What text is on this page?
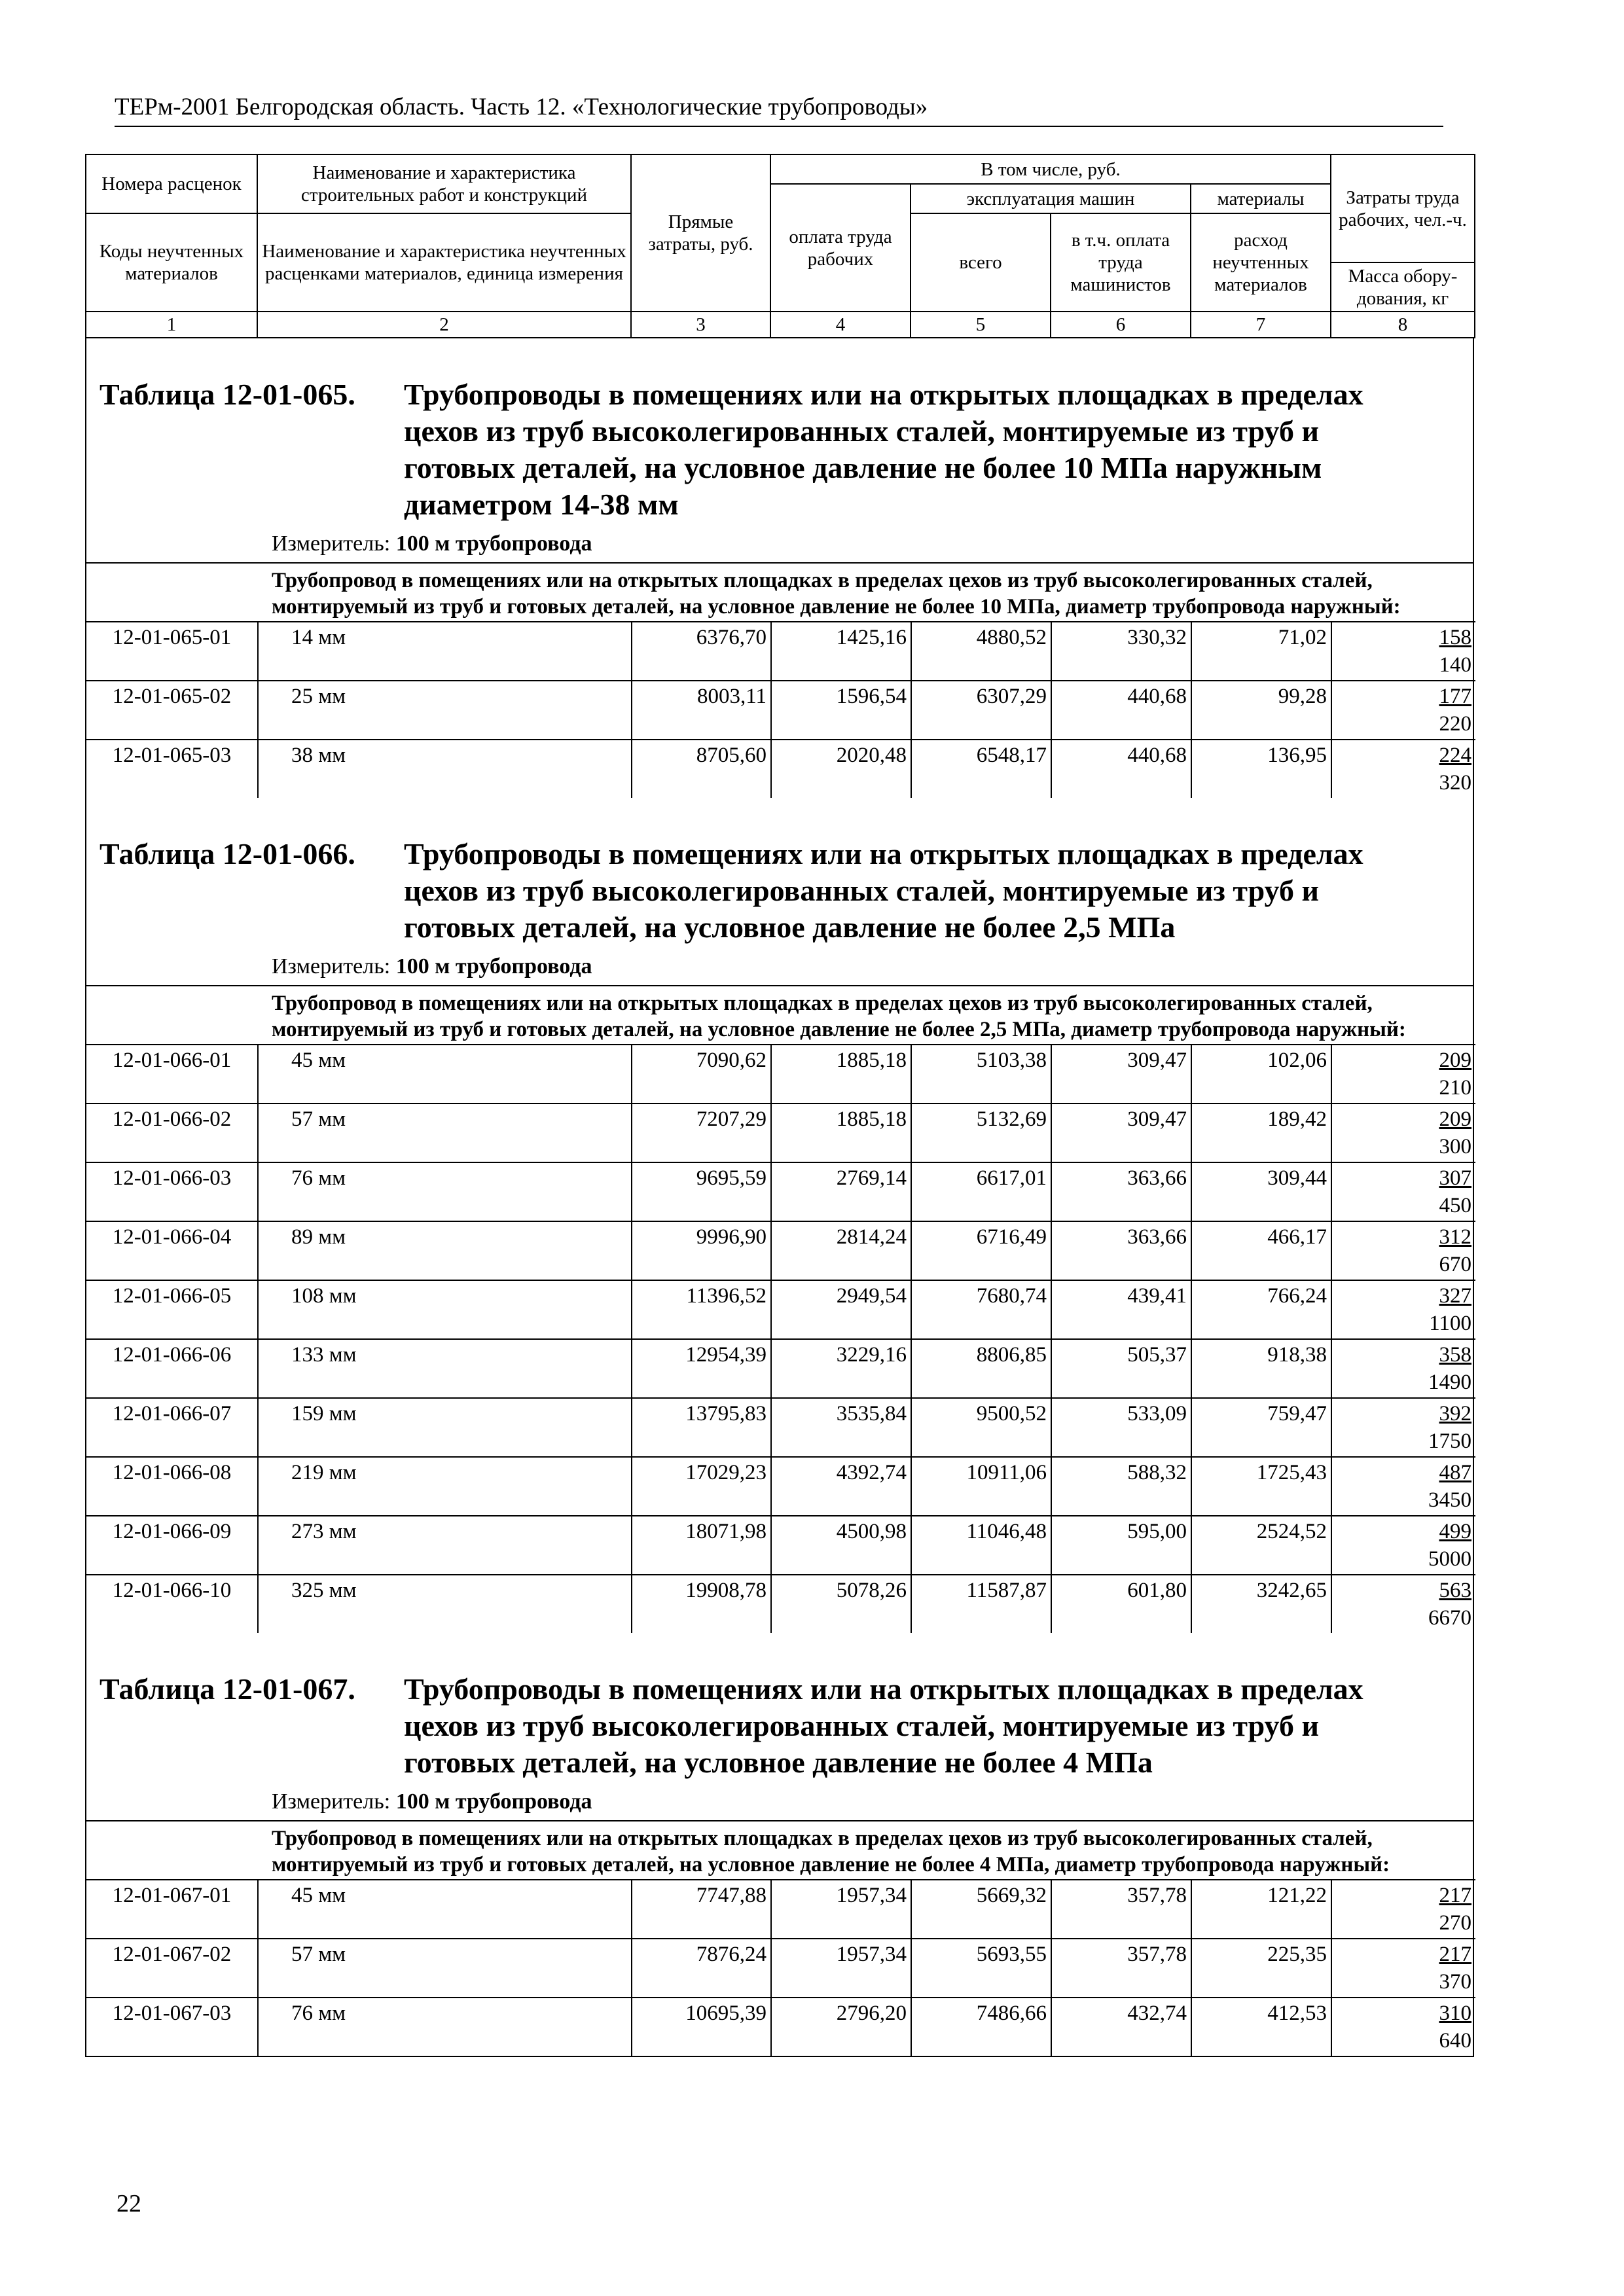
ТЕРм-2001 Белгородская область. Часть 12. «Технологические трубопроводы»
Номера расценок	Наименование и характеристика строительных работ и конструкций	Прямые затраты, руб.	В том числе, руб.				Затраты труда рабочих, чел.-ч.
			оплата труда рабочих	эксплуатация машин		материалы	
Коды неучтенных материалов	Наименование и характеристика неучтенных расценками материалов, единица измерения			всего	в т.ч. оплата труда машинистов	расход неучтенных материалов	
							Масса обору-дования, кг
1	2	3	4	5	6	7	8
Таблица 12-01-065.	Трубопроводы в помещениях или на открытых площадках в пределах
цехов из труб высоколегированных сталей, монтируемые из труб и
готовых деталей, на условное давление не более 10 МПа наружным
диаметром 14-38 мм
Измеритель: 100 м трубопровода
Трубопровод в помещениях или на открытых площадках в пределах цехов из труб высоколегированных сталей, монтируемый из труб и готовых деталей, на условное давление не более 10 МПа, диаметр трубопровода наружный:
12-01-065-01	14 мм	6376,70	1425,16	4880,52	330,32	71,02	158
140

12-01-065-02	25 мм	8003,11	1596,54	6307,29	440,68	99,28	177
220

12-01-065-03	38 мм	8705,60	2020,48	6548,17	440,68	136,95	224
320
Таблица 12-01-066.	Трубопроводы в помещениях или на открытых площадках в пределах
цехов из труб высоколегированных сталей, монтируемые из труб и
готовых деталей, на условное давление не более 2,5 МПа
Измеритель: 100 м трубопровода
Трубопровод в помещениях или на открытых площадках в пределах цехов из труб высоколегированных сталей, монтируемый из труб и готовых деталей, на условное давление не более 2,5 МПа, диаметр трубопровода наружный:
12-01-066-01	45 мм	7090,62	1885,18	5103,38	309,47	102,06	209
210

12-01-066-02	57 мм	7207,29	1885,18	5132,69	309,47	189,42	209
300

12-01-066-03	76 мм	9695,59	2769,14	6617,01	363,66	309,44	307
450

12-01-066-04	89 мм	9996,90	2814,24	6716,49	363,66	466,17	312
670

12-01-066-05	108 мм	11396,52	2949,54	7680,74	439,41	766,24	327
1100

12-01-066-06	133 мм	12954,39	3229,16	8806,85	505,37	918,38	358
1490

12-01-066-07	159 мм	13795,83	3535,84	9500,52	533,09	759,47	392
1750

12-01-066-08	219 мм	17029,23	4392,74	10911,06	588,32	1725,43	487
3450

12-01-066-09	273 мм	18071,98	4500,98	11046,48	595,00	2524,52	499
5000

12-01-066-10	325 мм	19908,78	5078,26	11587,87	601,80	3242,65	563
6670
Таблица 12-01-067.	Трубопроводы в помещениях или на открытых площадках в пределах
цехов из труб высоколегированных сталей, монтируемые из труб и
готовых деталей, на условное давление не более 4 МПа
Измеритель: 100 м трубопровода
Трубопровод в помещениях или на открытых площадках в пределах цехов из труб высоколегированных сталей, монтируемый из труб и готовых деталей, на условное давление не более 4 МПа, диаметр трубопровода наружный:
12-01-067-01	45 мм	7747,88	1957,34	5669,32	357,78	121,22	217
270

12-01-067-02	57 мм	7876,24	1957,34	5693,55	357,78	225,35	217
370

12-01-067-03	76 мм	10695,39	2796,20	7486,66	432,74	412,53	310
640
22
